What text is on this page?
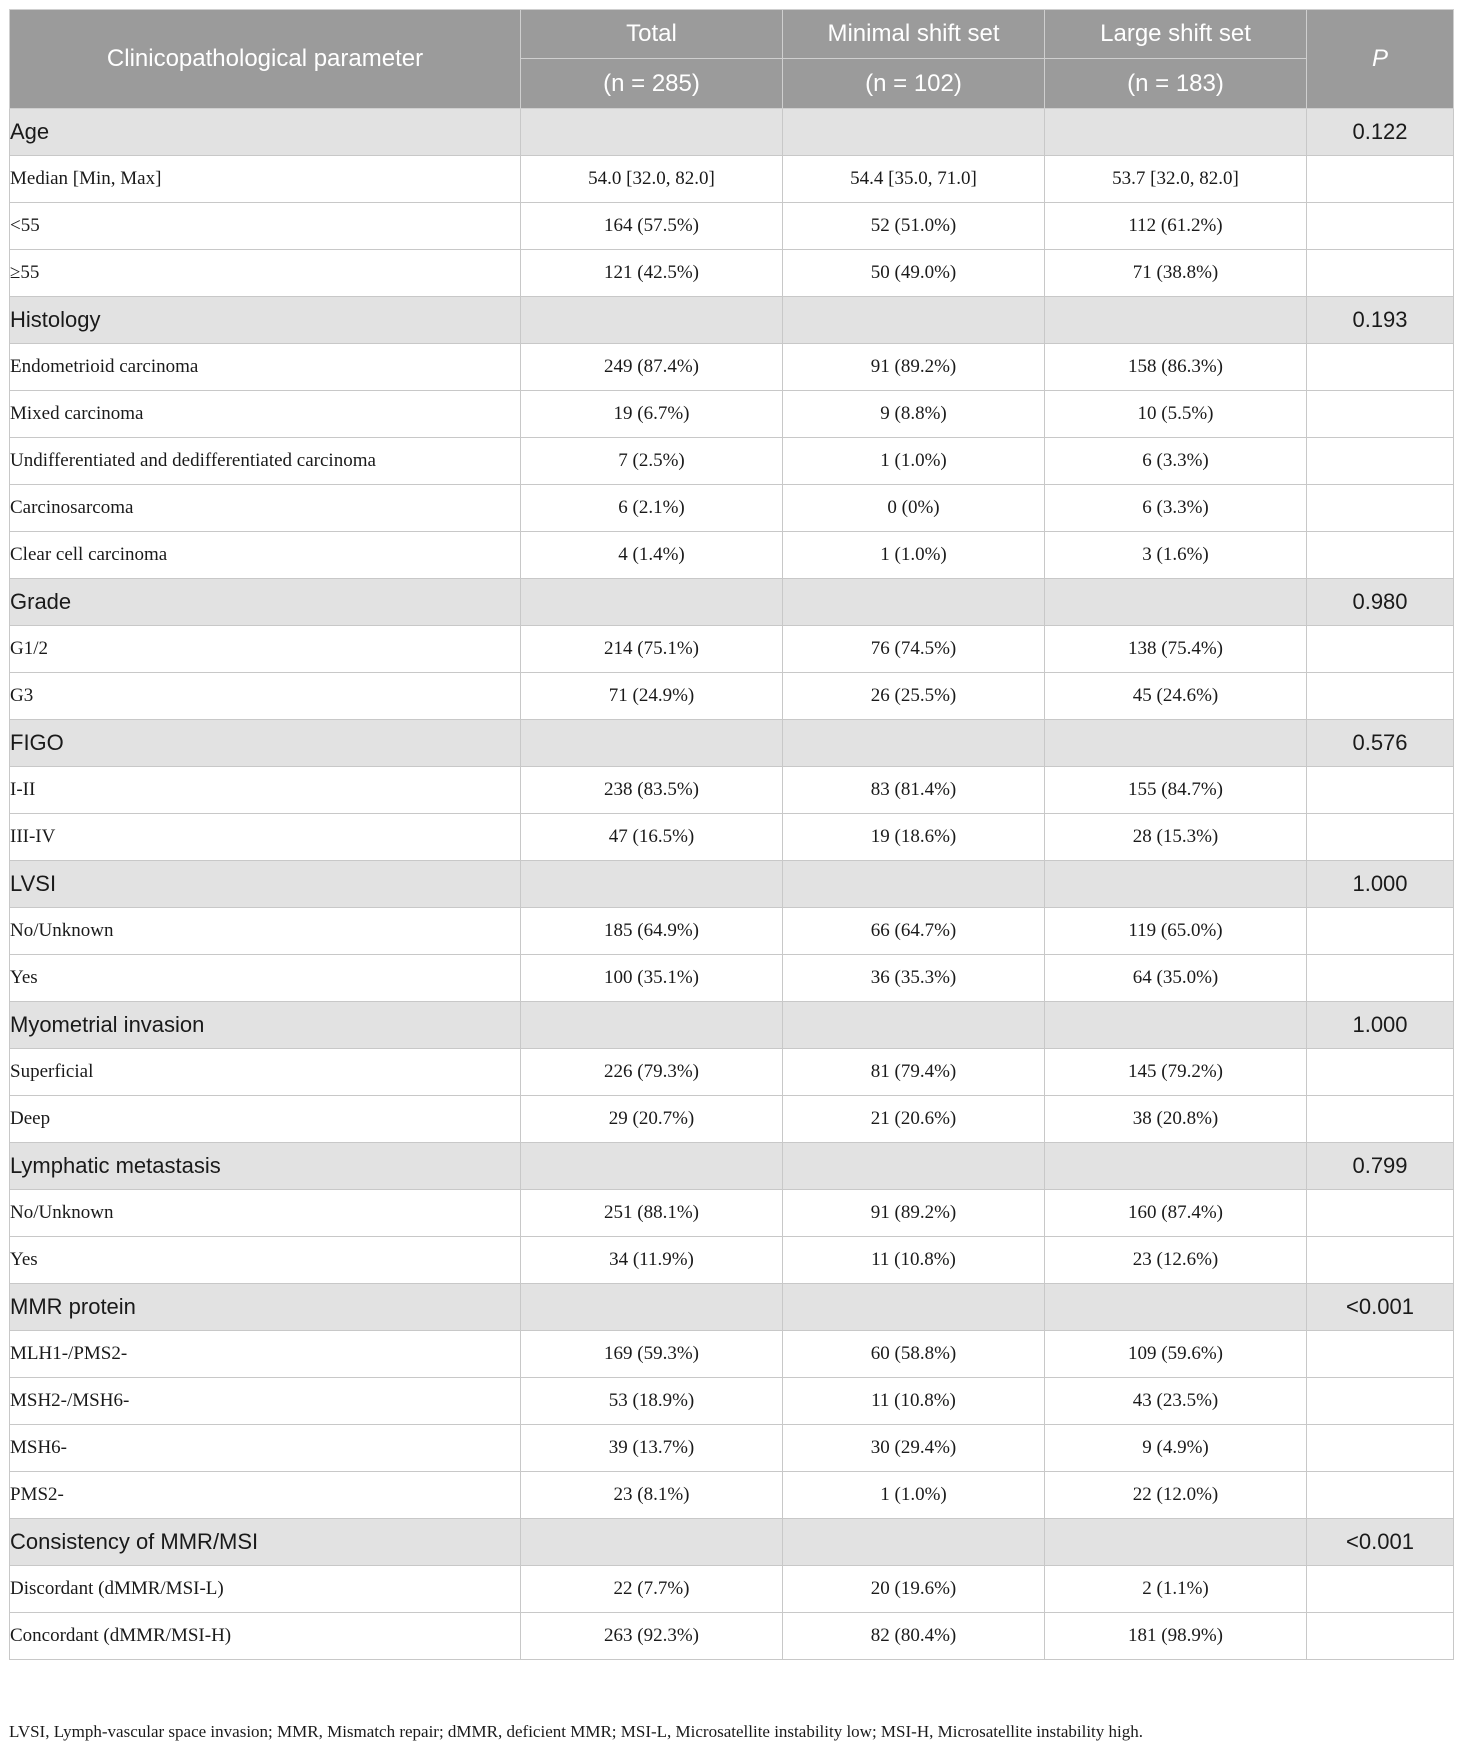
Clinicopathological parameter	Total	Minimal shift set	Large shift set	P
	(n = 285)	(n = 102)	(n = 183)	
Age				0.122
Median [Min, Max]	54.0 [32.0, 82.0]	54.4 [35.0, 71.0]	53.7 [32.0, 82.0]	
<55	164 (57.5%)	52 (51.0%)	112 (61.2%)	
≥55	121 (42.5%)	50 (49.0%)	71 (38.8%)	
Histology				0.193
Endometrioid carcinoma	249 (87.4%)	91 (89.2%)	158 (86.3%)	
Mixed carcinoma	19 (6.7%)	9 (8.8%)	10 (5.5%)	
Undifferentiated and dedifferentiated carcinoma	7 (2.5%)	1 (1.0%)	6 (3.3%)	
Carcinosarcoma	6 (2.1%)	0 (0%)	6 (3.3%)	
Clear cell carcinoma	4 (1.4%)	1 (1.0%)	3 (1.6%)	
Grade				0.980
G1/2	214 (75.1%)	76 (74.5%)	138 (75.4%)	
G3	71 (24.9%)	26 (25.5%)	45 (24.6%)	
FIGO				0.576
I-II	238 (83.5%)	83 (81.4%)	155 (84.7%)	
III-IV	47 (16.5%)	19 (18.6%)	28 (15.3%)	
LVSI				1.000
No/Unknown	185 (64.9%)	66 (64.7%)	119 (65.0%)	
Yes	100 (35.1%)	36 (35.3%)	64 (35.0%)	
Myometrial invasion				1.000
Superficial	226 (79.3%)	81 (79.4%)	145 (79.2%)	
Deep	29 (20.7%)	21 (20.6%)	38 (20.8%)	
Lymphatic metastasis				0.799
No/Unknown	251 (88.1%)	91 (89.2%)	160 (87.4%)	
Yes	34 (11.9%)	11 (10.8%)	23 (12.6%)	
MMR protein				<0.001
MLH1-/PMS2-	169 (59.3%)	60 (58.8%)	109 (59.6%)	
MSH2-/MSH6-	53 (18.9%)	11 (10.8%)	43 (23.5%)	
MSH6-	39 (13.7%)	30 (29.4%)	9 (4.9%)	
PMS2-	23 (8.1%)	1 (1.0%)	22 (12.0%)	
Consistency of MMR/MSI				<0.001
Discordant (dMMR/MSI-L)	22 (7.7%)	20 (19.6%)	2 (1.1%)	
Concordant (dMMR/MSI-H)	263 (92.3%)	82 (80.4%)	181 (98.9%)	
LVSI, Lymph-vascular space invasion; MMR, Mismatch repair; dMMR, deficient MMR; MSI-L, Microsatellite instability low; MSI-H, Microsatellite instability high.
